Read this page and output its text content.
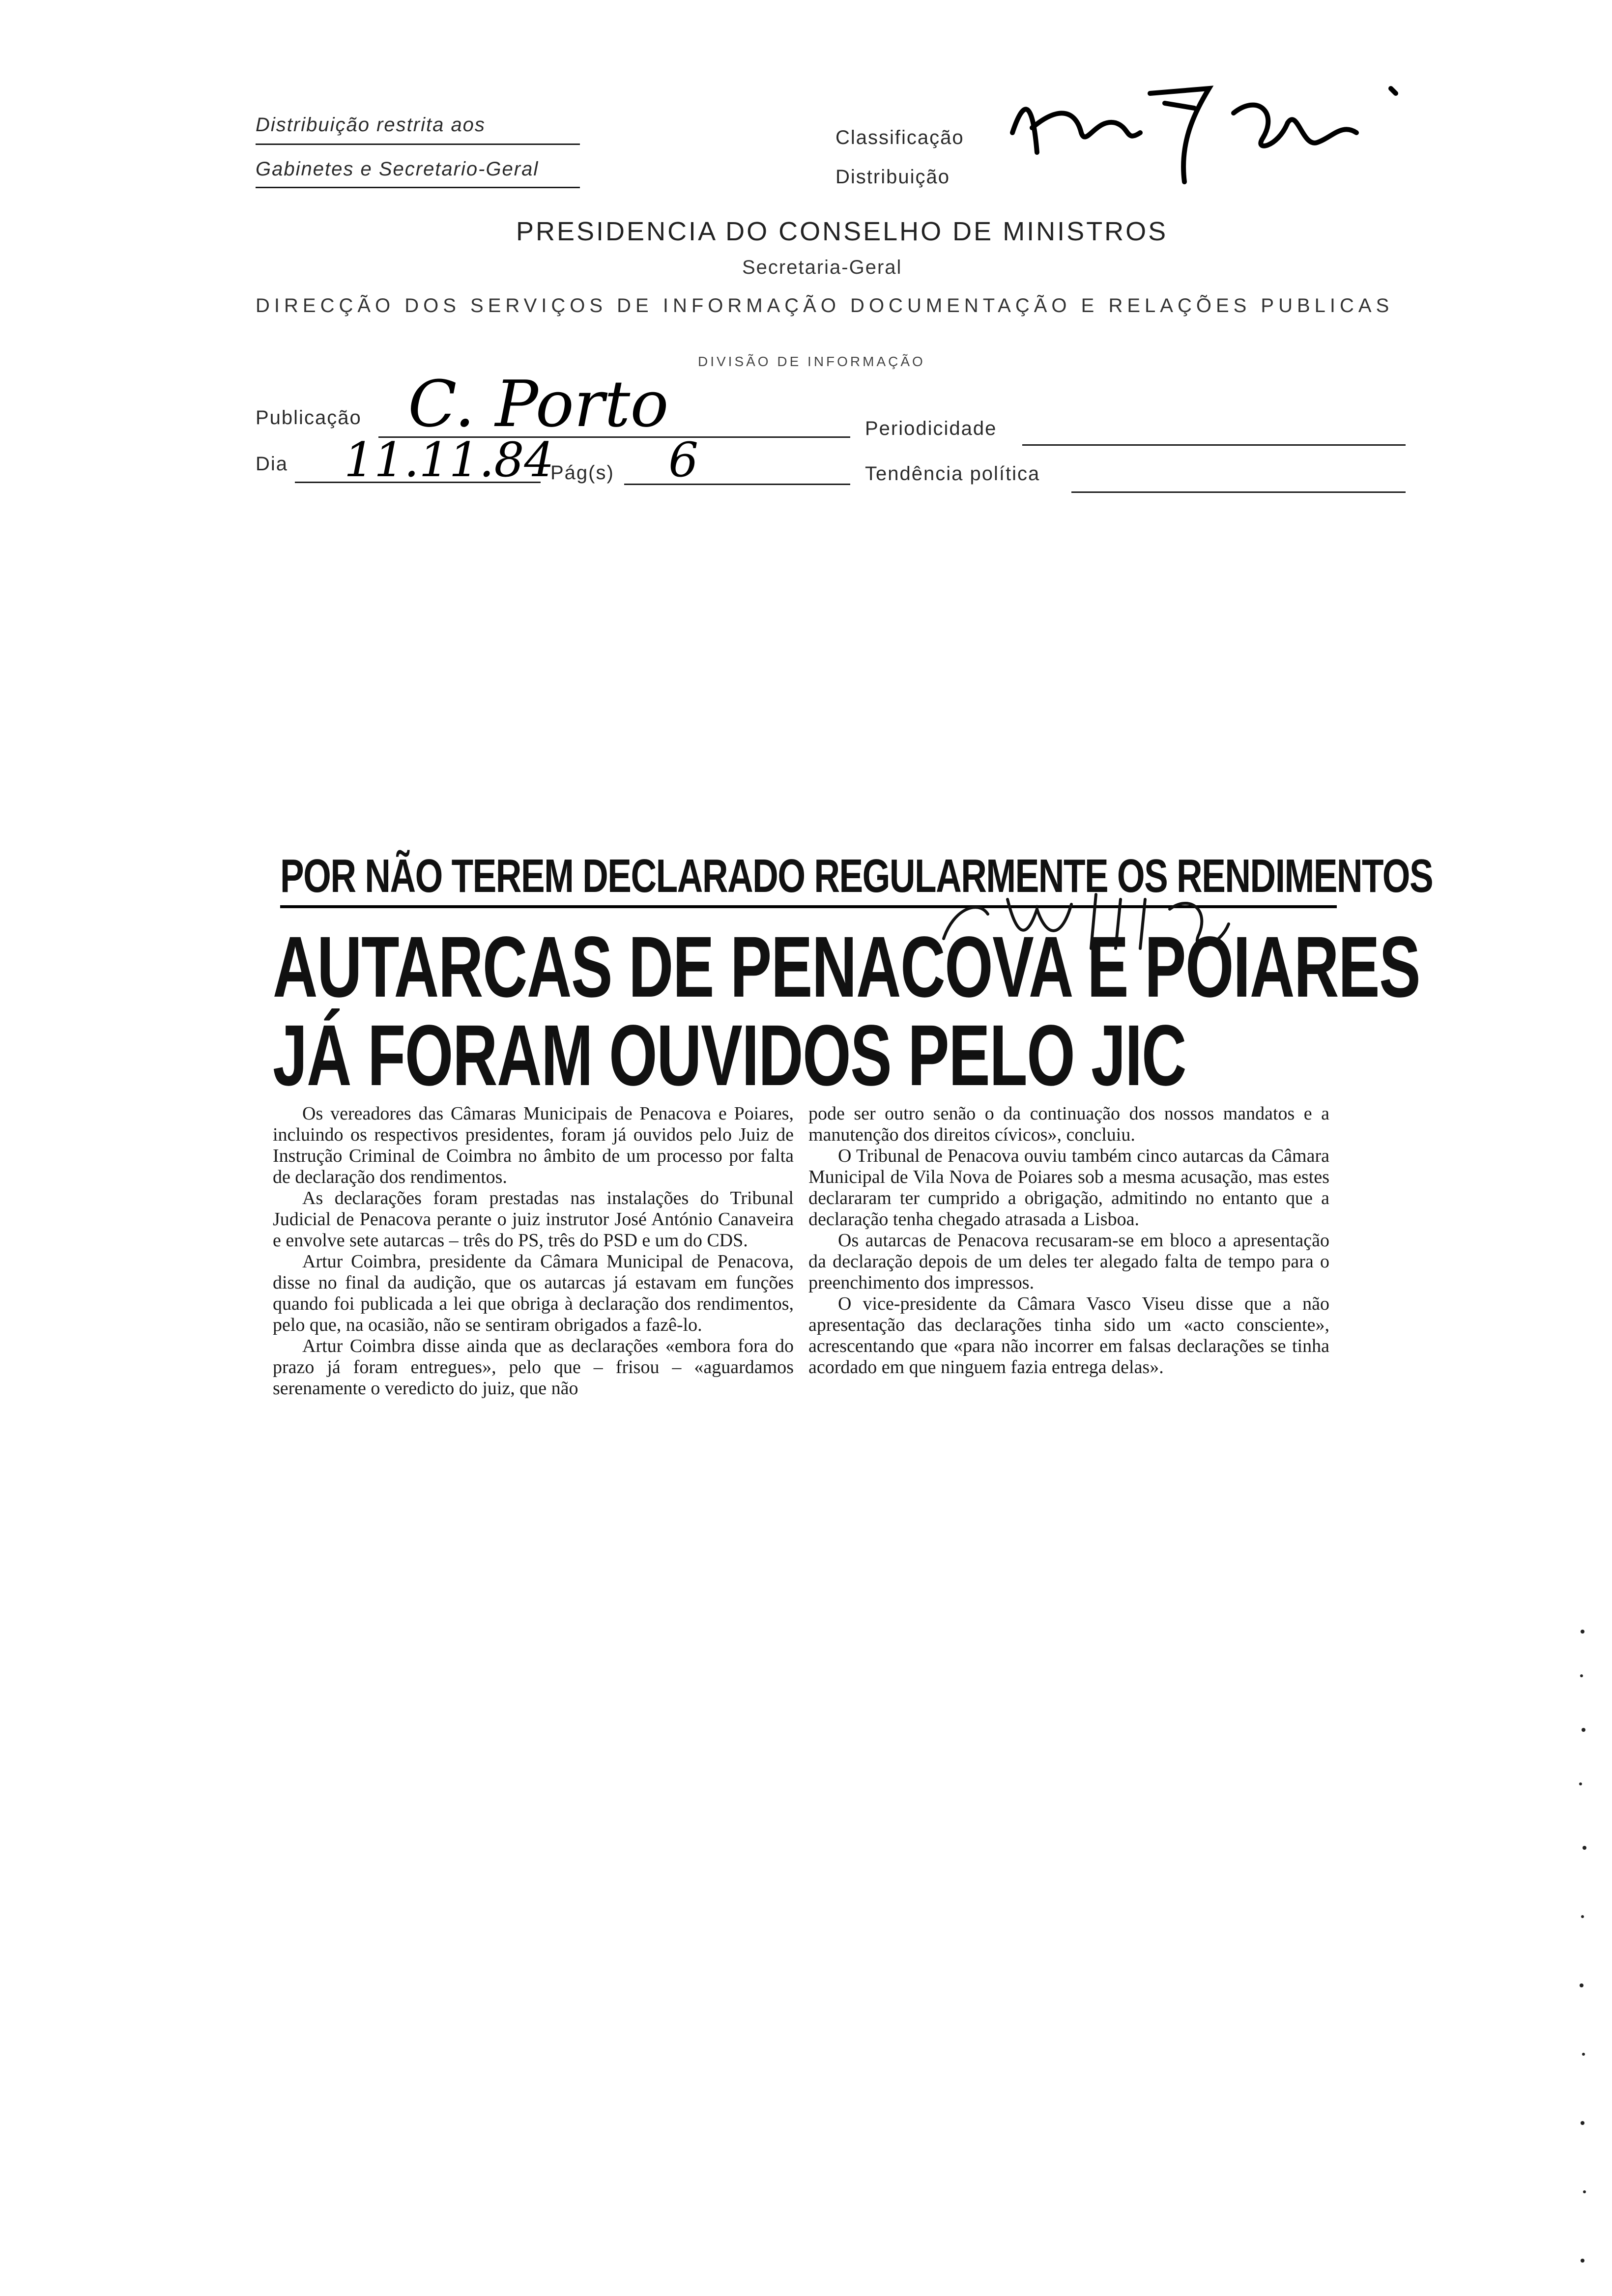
Distribuição restrita aos
Gabinetes e Secretario-Geral
Classificação
Distribuição
PRESIDENCIA DO CONSELHO DE MINISTROS
Secretaria-Geral
DIRECÇÃO DOS SERVIÇOS DE INFORMAÇÃO DOCUMENTAÇÃO E RELAÇÕES PUBLICAS
DIVISÃO DE INFORMAÇÃO
Publicação C. Porto	Periodicidade
Dia 11.11.84
Pág(s) 6	Tendência política
POR NÃO TEREM DECLARADO REGULARMENTE OS RENDIMENTOS
AUTARCAS DE PENACOVA E POIARES
JÁ FORAM OUVIDOS PELO JIC

Os vereadores das Câmaras Municipais de Penacova e Poiares, incluindo os respectivos presidentes, foram já ouvidos pelo Juiz de Instrução Criminal de Coimbra no âmbito de um processo por falta de declaração dos rendimentos.

As declarações foram prestadas nas instalações do Tribunal Judicial de Penacova perante o juiz instrutor José António Canaveira e envolve sete autarcas – três do PS, três do PSD e um do CDS.

Artur Coimbra, presidente da Câmara Municipal de Penacova, disse no final da audição, que os autarcas já estavam em funções quando foi publicada a lei que obriga à declaração dos rendimentos, pelo que, na ocasião, não se sentiram obrigados a fazê-lo.

Artur Coimbra disse ainda que as declarações «embora fora do prazo já foram entregues», pelo que – frisou – «aguardamos serenamente o veredicto do juiz, que não

pode ser outro senão o da continuação dos nossos mandatos e a manutenção dos direitos cívicos», concluiu.

O Tribunal de Penacova ouviu também cinco autarcas da Câmara Municipal de Vila Nova de Poiares sob a mesma acusação, mas estes declararam ter cumprido a obrigação, admitindo no entanto que a declaração tenha chegado atrasada a Lisboa.

Os autarcas de Penacova recusaram-se em bloco a apresentação da declaração depois de um deles ter alegado falta de tempo para o preenchimento dos impressos.

O vice-presidente da Câmara Vasco Viseu disse que a não apresentação das declarações tinha sido um «acto consciente», acrescentando que «para não incorrer em falsas declarações se tinha acordado em que ninguem fazia entrega delas».
